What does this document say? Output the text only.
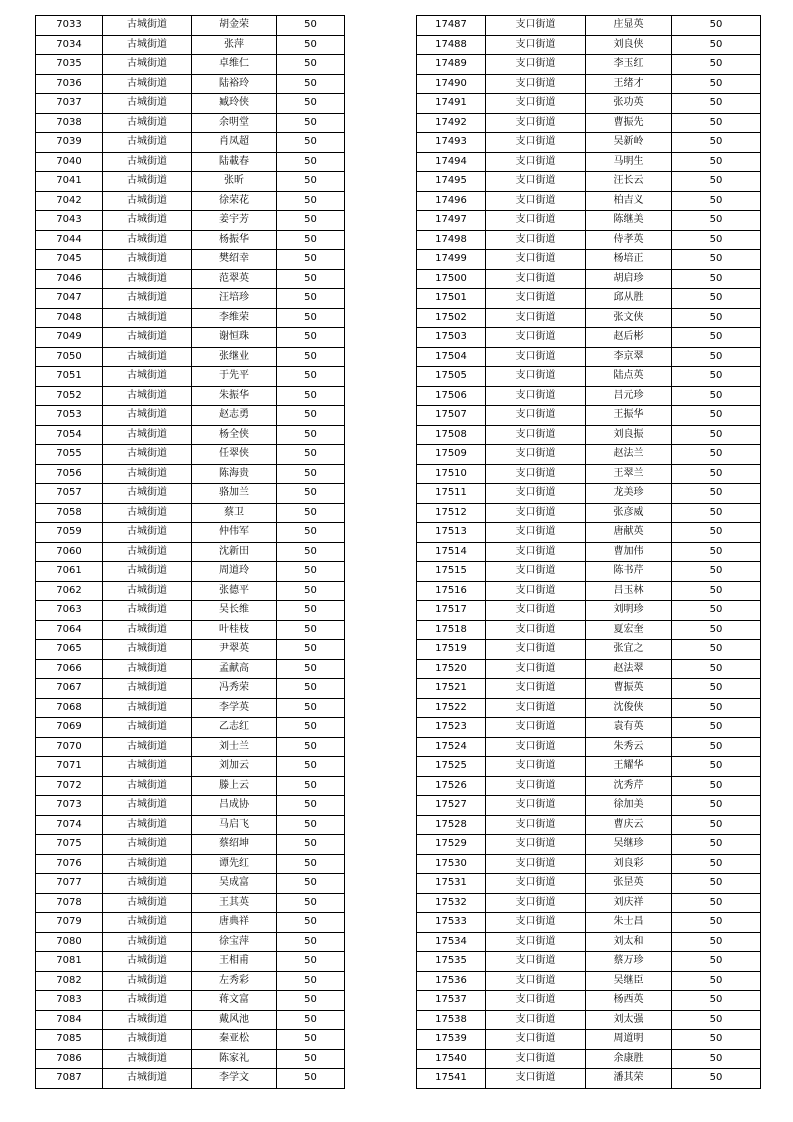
7033	古城街道	胡金荣	50
7034	古城街道	张萍	50
7035	古城街道	卓维仁	50
7036	古城街道	陆裕玲	50
7037	古城街道	臧玲侠	50
7038	古城街道	余明堂	50
7039	古城街道	肖凤超	50
7040	古城街道	陆載春	50
7041	古城街道	张昕	50
7042	古城街道	徐荣花	50
7043	古城街道	姜宇芳	50
7044	古城街道	杨振华	50
7045	古城街道	樊绍幸	50
7046	古城街道	范翠英	50
7047	古城街道	汪培珍	50
7048	古城街道	李维荣	50
7049	古城街道	谢恒珠	50
7050	古城街道	张继业	50
7051	古城街道	于先平	50
7052	古城街道	朱振华	50
7053	古城街道	赵志勇	50
7054	古城街道	杨全侠	50
7055	古城街道	任翠侠	50
7056	古城街道	陈海贵	50
7057	古城街道	骆加兰	50
7058	古城街道	蔡卫	50
7059	古城街道	仲伟军	50
7060	古城街道	沈新田	50
7061	古城街道	周道玲	50
7062	古城街道	张德平	50
7063	古城街道	吴长维	50
7064	古城街道	叶桂枝	50
7065	古城街道	尹翠英	50
7066	古城街道	孟献高	50
7067	古城街道	冯秀荣	50
7068	古城街道	李学英	50
7069	古城街道	乙志红	50
7070	古城街道	刘士兰	50
7071	古城街道	刘加云	50
7072	古城街道	滕上云	50
7073	古城街道	吕成协	50
7074	古城街道	马启飞	50
7075	古城街道	蔡绍坤	50
7076	古城街道	谭先红	50
7077	古城街道	吴成富	50
7078	古城街道	王其英	50
7079	古城街道	唐典祥	50
7080	古城街道	徐宝萍	50
7081	古城街道	王相甫	50
7082	古城街道	左秀彩	50
7083	古城街道	蒋文富	50
7084	古城街道	戴风池	50
7085	古城街道	秦亚松	50
7086	古城街道	陈家礼	50
7087	古城街道	李学文	50
17487	支口街道	庄显英	50
17488	支口街道	刘良侠	50
17489	支口街道	李玉红	50
17490	支口街道	王绪才	50
17491	支口街道	张功英	50
17492	支口街道	曹振先	50
17493	支口街道	吴新岭	50
17494	支口街道	马明生	50
17495	支口街道	汪长云	50
17496	支口街道	柏吉义	50
17497	支口街道	陈继美	50
17498	支口街道	侍孝英	50
17499	支口街道	杨培正	50
17500	支口街道	胡启珍	50
17501	支口街道	邱从胜	50
17502	支口街道	张文侠	50
17503	支口街道	赵后彬	50
17504	支口街道	李京翠	50
17505	支口街道	陆点英	50
17506	支口街道	吕元珍	50
17507	支口街道	王振华	50
17508	支口街道	刘良振	50
17509	支口街道	赵法兰	50
17510	支口街道	王翠兰	50
17511	支口街道	龙美珍	50
17512	支口街道	张彦威	50
17513	支口街道	唐献英	50
17514	支口街道	曹加伟	50
17515	支口街道	陈书芹	50
17516	支口街道	吕玉林	50
17517	支口街道	刘明珍	50
17518	支口街道	夏宏奎	50
17519	支口街道	张宜之	50
17520	支口街道	赵法翠	50
17521	支口街道	曹振英	50
17522	支口街道	沈俊侠	50
17523	支口街道	袁有英	50
17524	支口街道	朱秀云	50
17525	支口街道	王耀华	50
17526	支口街道	沈秀芹	50
17527	支口街道	徐加美	50
17528	支口街道	曹庆云	50
17529	支口街道	吴继珍	50
17530	支口街道	刘良彩	50
17531	支口街道	张昰英	50
17532	支口街道	刘庆祥	50
17533	支口街道	朱士昌	50
17534	支口街道	刘太和	50
17535	支口街道	蔡万珍	50
17536	支口街道	吴继臣	50
17537	支口街道	杨西英	50
17538	支口街道	刘太强	50
17539	支口街道	周道明	50
17540	支口街道	余康胜	50
17541	支口街道	潘其荣	50
